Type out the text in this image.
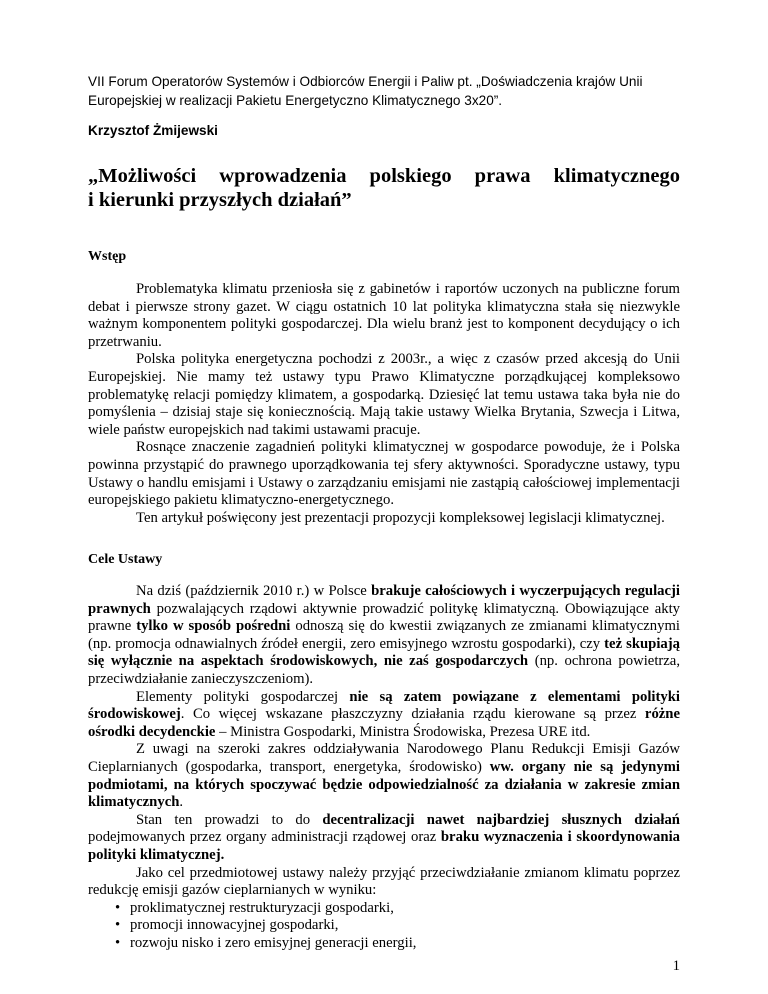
VII Forum Operatorów Systemów i Odbiorców Energii i Paliw pt. „Doświadczenia krajów Unii Europejskiej w realizacji Pakietu Energetyczno Klimatycznego 3x20”.

Krzysztof Żmijewski

„Możliwości wprowadzenia polskiego prawa klimatycznego
i kierunki przyszłych działań”
Wstęp

Problematyka klimatu przeniosła się z gabinetów i raportów uczonych na publiczne forum debat i pierwsze strony gazet. W ciągu ostatnich 10 lat polityka klimatyczna stała się niezwykle ważnym komponentem polityki gospodarczej. Dla wielu branż jest to komponent decydujący o ich przetrwaniu.

Polska polityka energetyczna pochodzi z 2003r., a więc z czasów przed akcesją do Unii Europejskiej. Nie mamy też ustawy typu Prawo Klimatyczne porządkującej kompleksowo problematykę relacji pomiędzy klimatem, a gospodarką. Dziesięć lat temu ustawa taka była nie do pomyślenia – dzisiaj staje się koniecznością. Mają takie ustawy Wielka Brytania, Szwecja i Litwa, wiele państw europejskich nad takimi ustawami pracuje.

Rosnące znaczenie zagadnień polityki klimatycznej w gospodarce powoduje, że i Polska powinna przystąpić do prawnego uporządkowania tej sfery aktywności. Sporadyczne ustawy, typu Ustawy o handlu emisjami i Ustawy o zarządzaniu emisjami nie zastąpią całościowej implementacji europejskiego pakietu klimatyczno-energetycznego.

Ten artykuł poświęcony jest prezentacji propozycji kompleksowej legislacji klimatycznej.

Cele Ustawy

Na dziś (październik 2010 r.) w Polsce brakuje całościowych i wyczerpujących regulacji prawnych pozwalających rządowi aktywnie prowadzić politykę klimatyczną. Obowiązujące akty prawne tylko w sposób pośredni odnoszą się do kwestii związanych ze zmianami klimatycznymi (np. promocja odnawialnych źródeł energii, zero emisyjnego wzrostu gospodarki), czy też skupiają się wyłącznie na aspektach środowiskowych, nie zaś gospodarczych (np. ochrona powietrza, przeciwdziałanie zanieczyszczeniom).

Elementy polityki gospodarczej nie są zatem powiązane z elementami polityki środowiskowej. Co więcej wskazane płaszczyzny działania rządu kierowane są przez różne ośrodki decydenckie – Ministra Gospodarki, Ministra Środowiska, Prezesa URE itd.

Z uwagi na szeroki zakres oddziaływania Narodowego Planu Redukcji Emisji Gazów Cieplarnianych (gospodarka, transport, energetyka, środowisko) ww. organy nie są jedynymi podmiotami, na których spoczywać będzie odpowiedzialność za działania w zakresie zmian klimatycznych.

Stan ten prowadzi to do decentralizacji nawet najbardziej słusznych działań podejmowanych przez organy administracji rządowej oraz braku wyznaczenia i skoordynowania polityki klimatycznej.

Jako cel przedmiotowej ustawy należy przyjąć przeciwdziałanie zmianom klimatu poprzez redukcję emisji gazów cieplarnianych w wyniku:

• proklimatycznej restrukturyzacji gospodarki,
• promocji innowacyjnej gospodarki,
• rozwoju nisko i zero emisyjnej generacji energii,
1
